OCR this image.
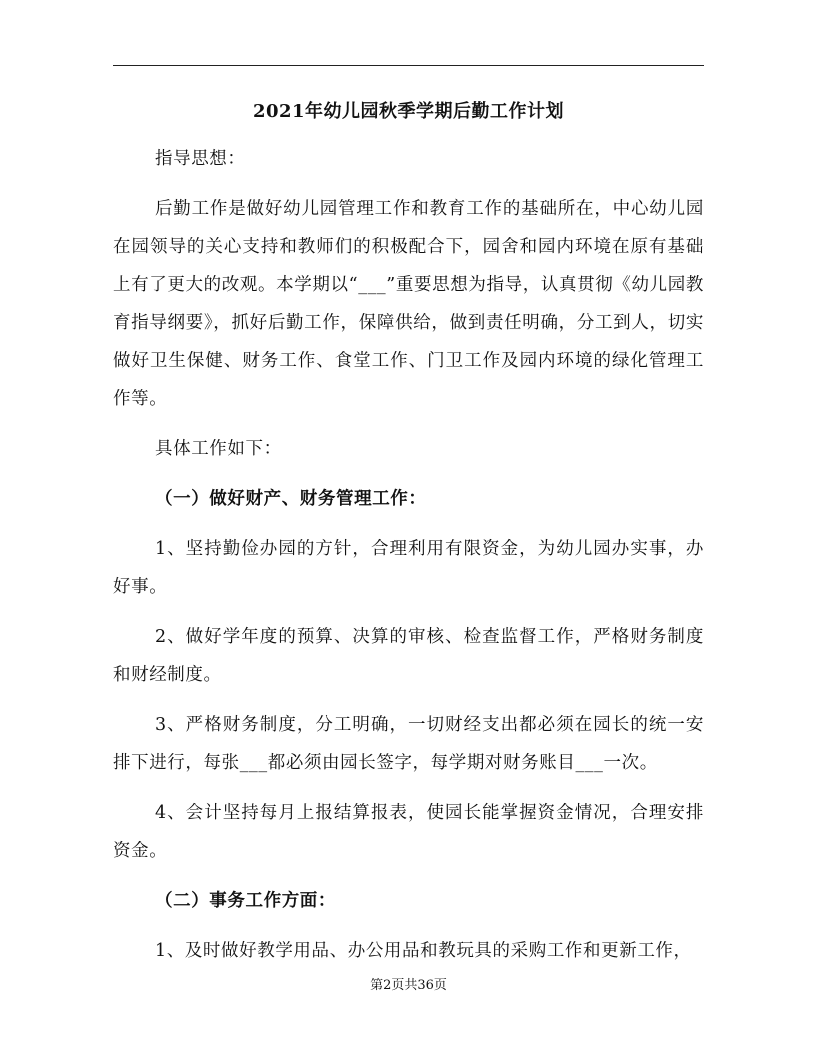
2021年幼儿园秋季学期后勤工作计划

指导思想：

后勤工作是做好幼儿园管理工作和教育工作的基础所在，中心幼儿园在园领导的关心支持和教师们的积极配合下，园舍和园内环境在原有基础上有了更大的改观。本学期以“___”重要思想为指导，认真贯彻《幼儿园教育指导纲要》，抓好后勤工作，保障供给，做到责任明确，分工到人，切实做好卫生保健、财务工作、食堂工作、门卫工作及园内环境的绿化管理工作等。

具体工作如下：

（一）做好财产、财务管理工作：

1、坚持勤俭办园的方针，合理利用有限资金，为幼儿园办实事，办好事。

2、做好学年度的预算、决算的审核、检查监督工作，严格财务制度和财经制度。

3、严格财务制度，分工明确，一切财经支出都必须在园长的统一安排下进行，每张___都必须由园长签字，每学期对财务账目___一次。

4、会计坚持每月上报结算报表，使园长能掌握资金情况，合理安排资金。

（二）事务工作方面：

1、及时做好教学用品、办公用品和教玩具的采购工作和更新工作，

第2页共36页
